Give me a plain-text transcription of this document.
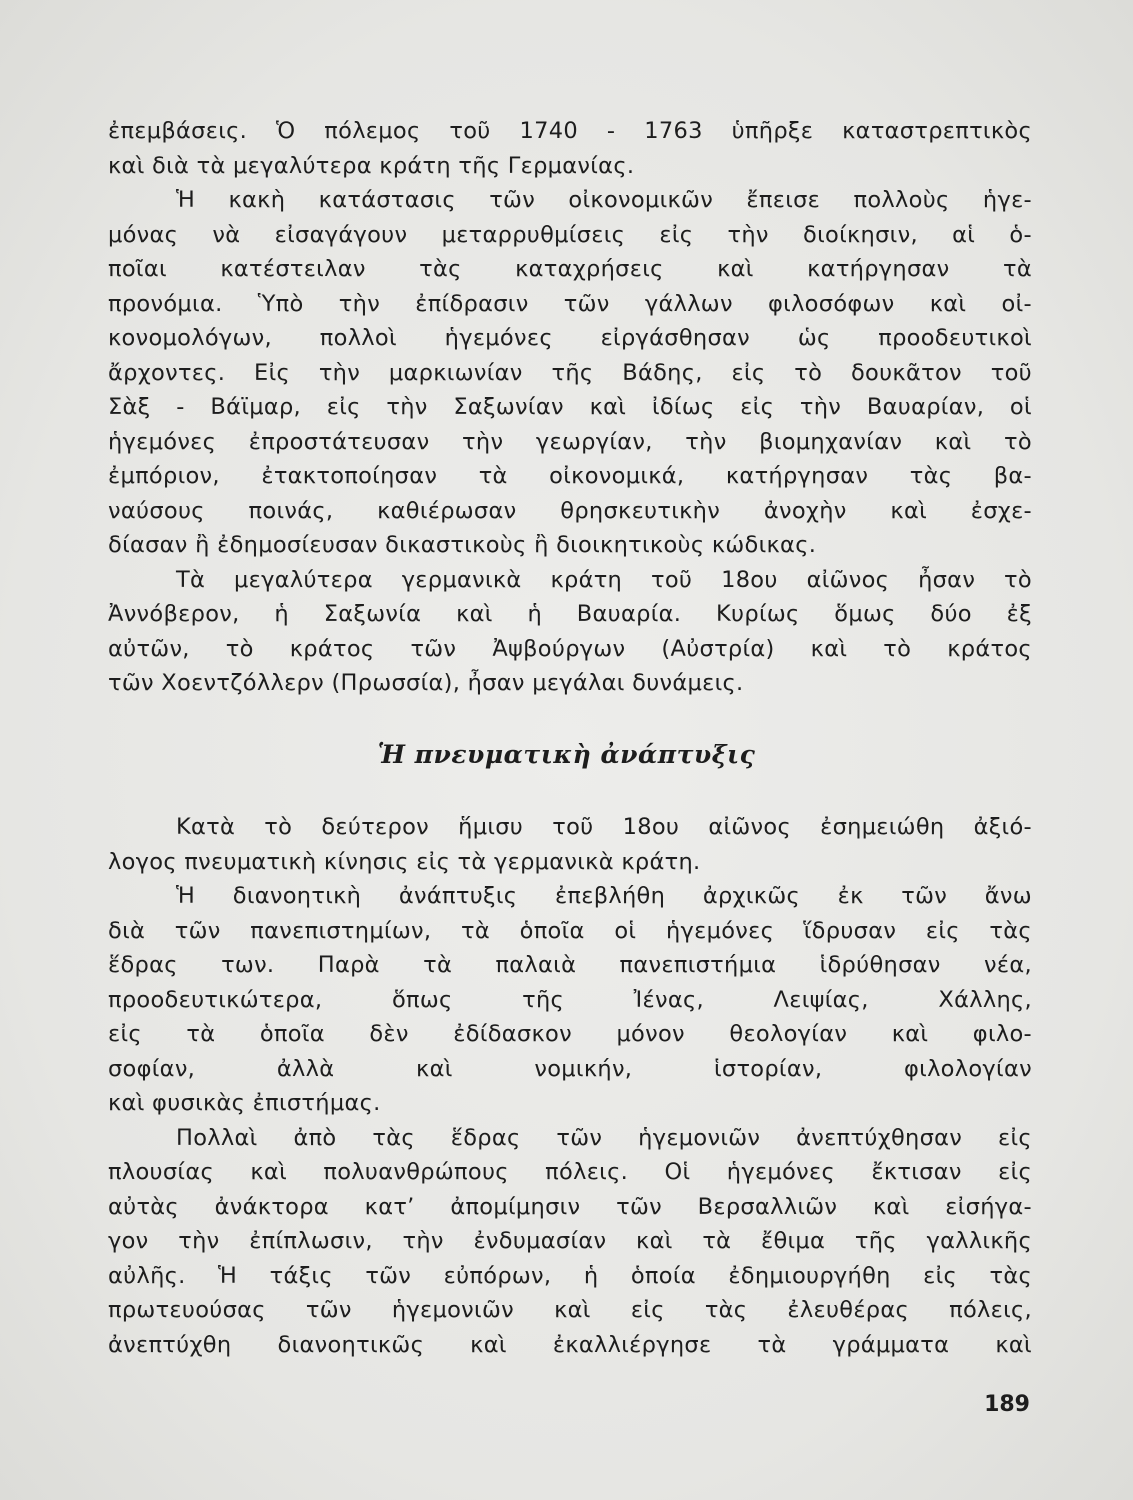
ἐπεμβάσεις. Ὁ πόλεμος τοῦ 1740 - 1763 ὑπῆρξε καταστρεπτικὸς
καὶ διὰ τὰ μεγαλύτερα κράτη τῆς Γερμανίας.
Ἡ κακὴ κατάστασις τῶν οἰκονομικῶν ἔπεισε πολλοὺς ἡγε-
μόνας νὰ εἰσαγάγουν μεταρρυθμίσεις εἰς τὴν διοίκησιν, αἱ ὁ-
ποῖαι κατέστειλαν τὰς καταχρήσεις καὶ κατήργησαν τὰ
προνόμια. Ὑπὸ τὴν ἐπίδρασιν τῶν γάλλων φιλοσόφων καὶ οἰ-
κονομολόγων, πολλοὶ ἡγεμόνες εἰργάσθησαν ὡς προοδευτικοὶ
ἄρχοντες. Εἰς τὴν μαρκιωνίαν τῆς Βάδης, εἰς τὸ δουκᾶτον τοῦ
Σὰξ - Βάϊμαρ, εἰς τὴν Σαξωνίαν καὶ ἰδίως εἰς τὴν Βαυαρίαν, οἱ
ἡγεμόνες ἐπροστάτευσαν τὴν γεωργίαν, τὴν βιομηχανίαν καὶ τὸ
ἐμπόριον, ἐτακτοποίησαν τὰ οἰκονομικά, κατήργησαν τὰς βα-
ναύσους ποινάς, καθιέρωσαν θρησκευτικὴν ἀνοχὴν καὶ ἐσχε-
δίασαν ἢ ἐδημοσίευσαν δικαστικοὺς ἢ διοικητικοὺς κώδικας.
Τὰ μεγαλύτερα γερμανικὰ κράτη τοῦ 18ου αἰῶνος ἦσαν τὸ
Ἀννόβερον, ἡ Σαξωνία καὶ ἡ Βαυαρία. Κυρίως ὅμως δύο ἐξ
αὐτῶν, τὸ κράτος τῶν Ἀψβούργων (Αὐστρία) καὶ τὸ κράτος
τῶν Χοεντζόλλερν (Πρωσσία), ἦσαν μεγάλαι δυνάμεις.
Ἡ πνευματικὴ ἀνάπτυξις
Κατὰ τὸ δεύτερον ἥμισυ τοῦ 18ου αἰῶνος ἐσημειώθη ἀξιό-
λογος πνευματικὴ κίνησις εἰς τὰ γερμανικὰ κράτη.
Ἡ διανοητικὴ ἀνάπτυξις ἐπεβλήθη ἀρχικῶς ἐκ τῶν ἄνω
διὰ τῶν πανεπιστημίων, τὰ ὁποῖα οἱ ἡγεμόνες ἵδρυσαν εἰς τὰς
ἕδρας των. Παρὰ τὰ παλαιὰ πανεπιστήμια ἱδρύθησαν νέα,
προοδευτικώτερα,	ὅπως	τῆς	Ἰένας,	Λειψίας,	Χάλλης,
εἰς τὰ ὁποῖα δὲν ἐδίδασκον μόνον θεολογίαν καὶ φιλο-
σοφίαν,	ἀλλὰ	καὶ	νομικήν,	ἱστορίαν,	φιλολογίαν
καὶ φυσικὰς ἐπιστήμας.
Πολλαὶ ἀπὸ τὰς ἕδρας τῶν ἡγεμονιῶν ἀνεπτύχθησαν εἰς
πλουσίας καὶ πολυανθρώπους πόλεις. Οἱ ἡγεμόνες ἔκτισαν εἰς
αὐτὰς ἀνάκτορα κατ’ ἀπομίμησιν τῶν Βερσαλλιῶν καὶ εἰσήγα-
γον τὴν ἐπίπλωσιν, τὴν ἐνδυμασίαν καὶ τὰ ἔθιμα τῆς γαλλικῆς
αὐλῆς. Ἡ τάξις τῶν εὐπόρων, ἡ ὁποία ἐδημιουργήθη εἰς τὰς
πρωτευούσας τῶν ἡγεμονιῶν καὶ εἰς τὰς ἐλευθέρας πόλεις,
ἀνεπτύχθη διανοητικῶς καὶ ἐκαλλιέργησε τὰ γράμματα καὶ
189
